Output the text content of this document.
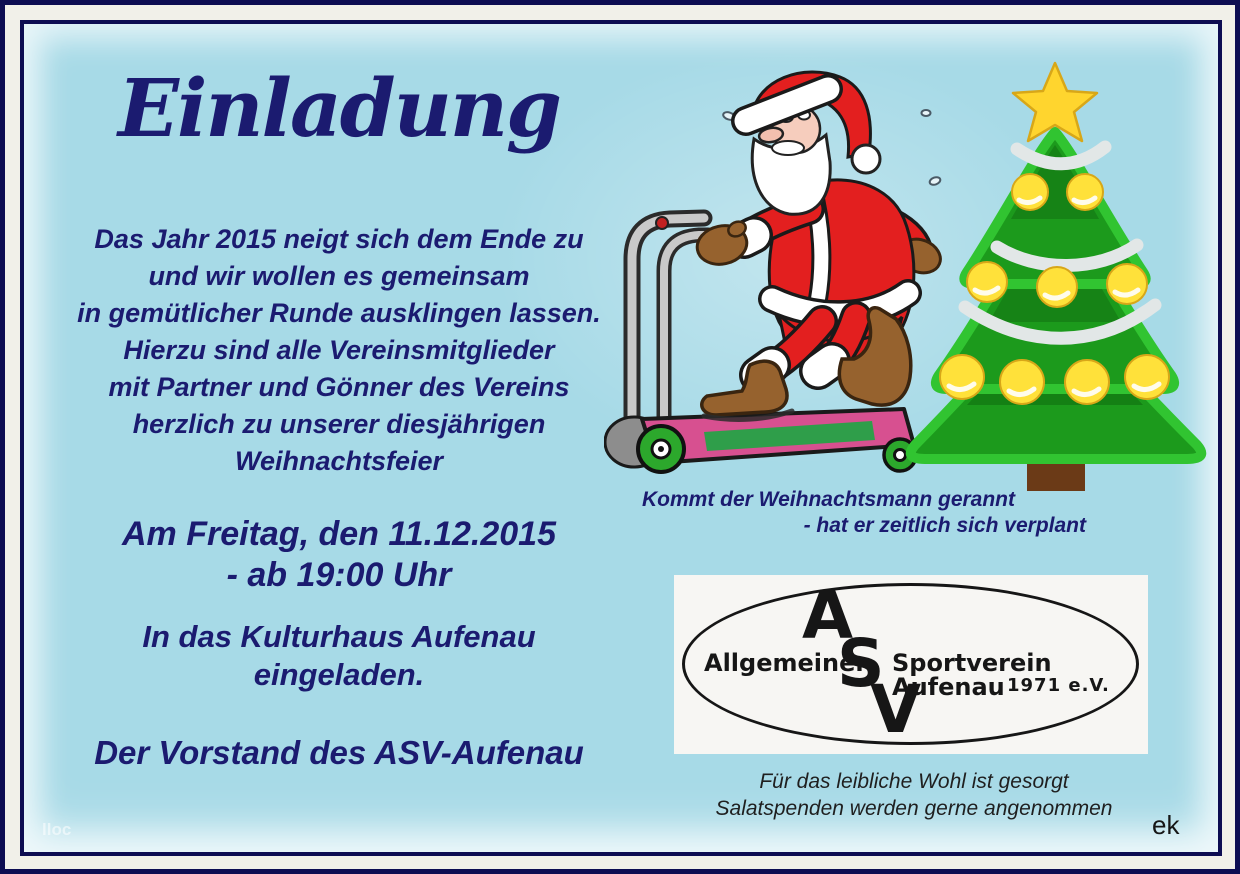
Einladung
Das Jahr 2015 neigt sich dem Ende zu
und wir wollen es gemeinsam
in gemütlicher Runde ausklingen lassen.
Hierzu sind alle Vereinsmitglieder
mit Partner und Gönner des Vereins
herzlich zu unserer diesjährigen
Weihnachtsfeier
Am Freitag, den 11.12.2015
- ab 19:00 Uhr
In das Kulturhaus Aufenau
eingeladen.
Der Vorstand des ASV-Aufenau
Kommt der Weihnachtsmann gerannt
- hat er zeitlich sich verplant
A
S
V
Allgemeiner Sportverein Aufenau 1971 e.V.
Für das leibliche Wohl ist gesorgt
Salatspenden werden gerne angenommen
ek
lloc
